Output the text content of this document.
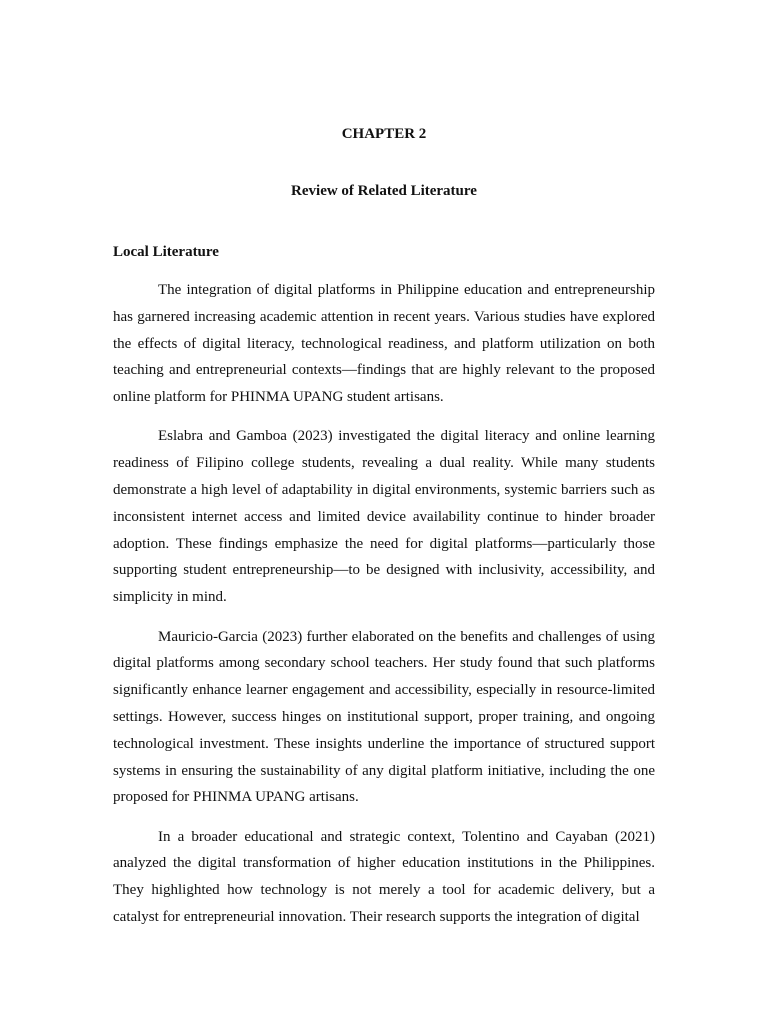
CHAPTER 2
Review of Related Literature
Local Literature

The integration of digital platforms in Philippine education and entrepreneurship has garnered increasing academic attention in recent years. Various studies have explored the effects of digital literacy, technological readiness, and platform utilization on both teaching and entrepreneurial contexts—findings that are highly relevant to the proposed online platform for PHINMA UPANG student artisans.

Eslabra and Gamboa (2023) investigated the digital literacy and online learning readiness of Filipino college students, revealing a dual reality. While many students demonstrate a high level of adaptability in digital environments, systemic barriers such as inconsistent internet access and limited device availability continue to hinder broader adoption. These findings emphasize the need for digital platforms—particularly those supporting student entrepreneurship—to be designed with inclusivity, accessibility, and simplicity in mind.

Mauricio-Garcia (2023) further elaborated on the benefits and challenges of using digital platforms among secondary school teachers. Her study found that such platforms significantly enhance learner engagement and accessibility, especially in resource-limited settings. However, success hinges on institutional support, proper training, and ongoing technological investment. These insights underline the importance of structured support systems in ensuring the sustainability of any digital platform initiative, including the one proposed for PHINMA UPANG artisans.

In a broader educational and strategic context, Tolentino and Cayaban (2021) analyzed the digital transformation of higher education institutions in the Philippines. They highlighted how technology is not merely a tool for academic delivery, but a catalyst for entrepreneurial innovation. Their research supports the integration of digital
